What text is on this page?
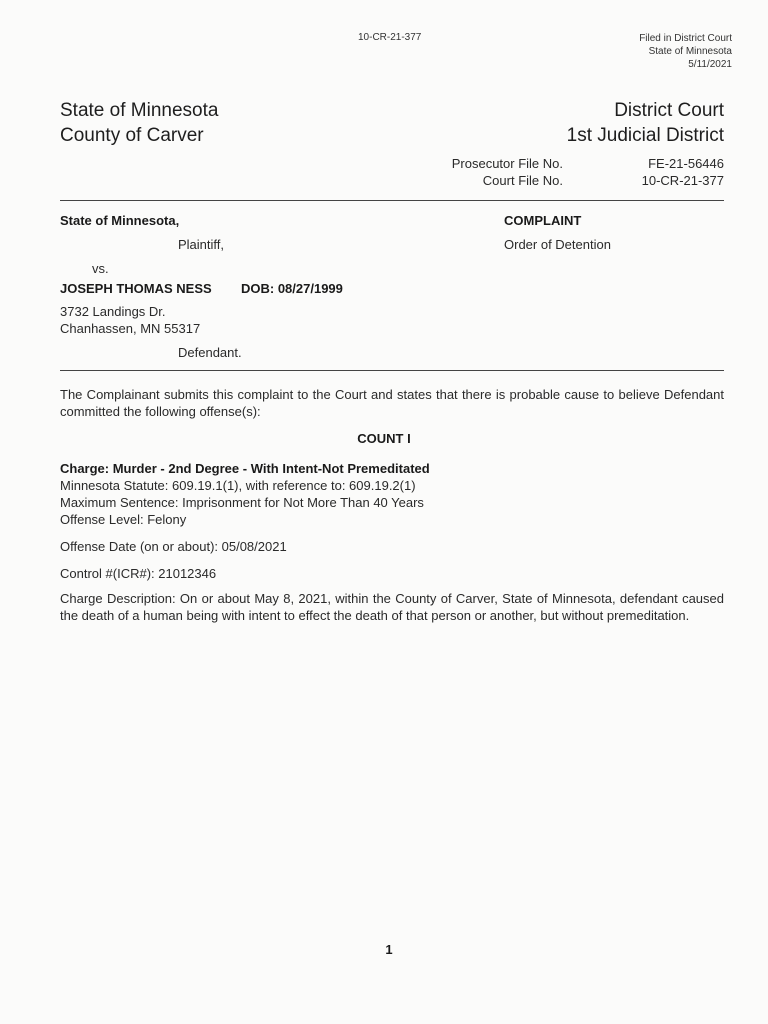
10-CR-21-377	Filed in District Court
State of Minnesota
5/11/2021
State of Minnesota
County of Carver
District Court
1st Judicial District
Prosecutor File No.
Court File No.
FE-21-56446
10-CR-21-377
State of Minnesota,
Plaintiff,
vs.
JOSEPH THOMAS NESS DOB: 08/27/1999
3732 Landings Dr.
Chanhassen, MN 55317
Defendant.
COMPLAINT
Order of Detention
The Complainant submits this complaint to the Court and states that there is probable cause to believe Defendant committed the following offense(s):
COUNT I
Charge: Murder - 2nd Degree - With Intent-Not Premeditated
Minnesota Statute: 609.19.1(1), with reference to: 609.19.2(1)
Maximum Sentence: Imprisonment for Not More Than 40 Years
Offense Level: Felony
Offense Date (on or about): 05/08/2021
Control #(ICR#): 21012346
Charge Description: On or about May 8, 2021, within the County of Carver, State of Minnesota, defendant caused the death of a human being with intent to effect the death of that person or another, but without premeditation.
1
